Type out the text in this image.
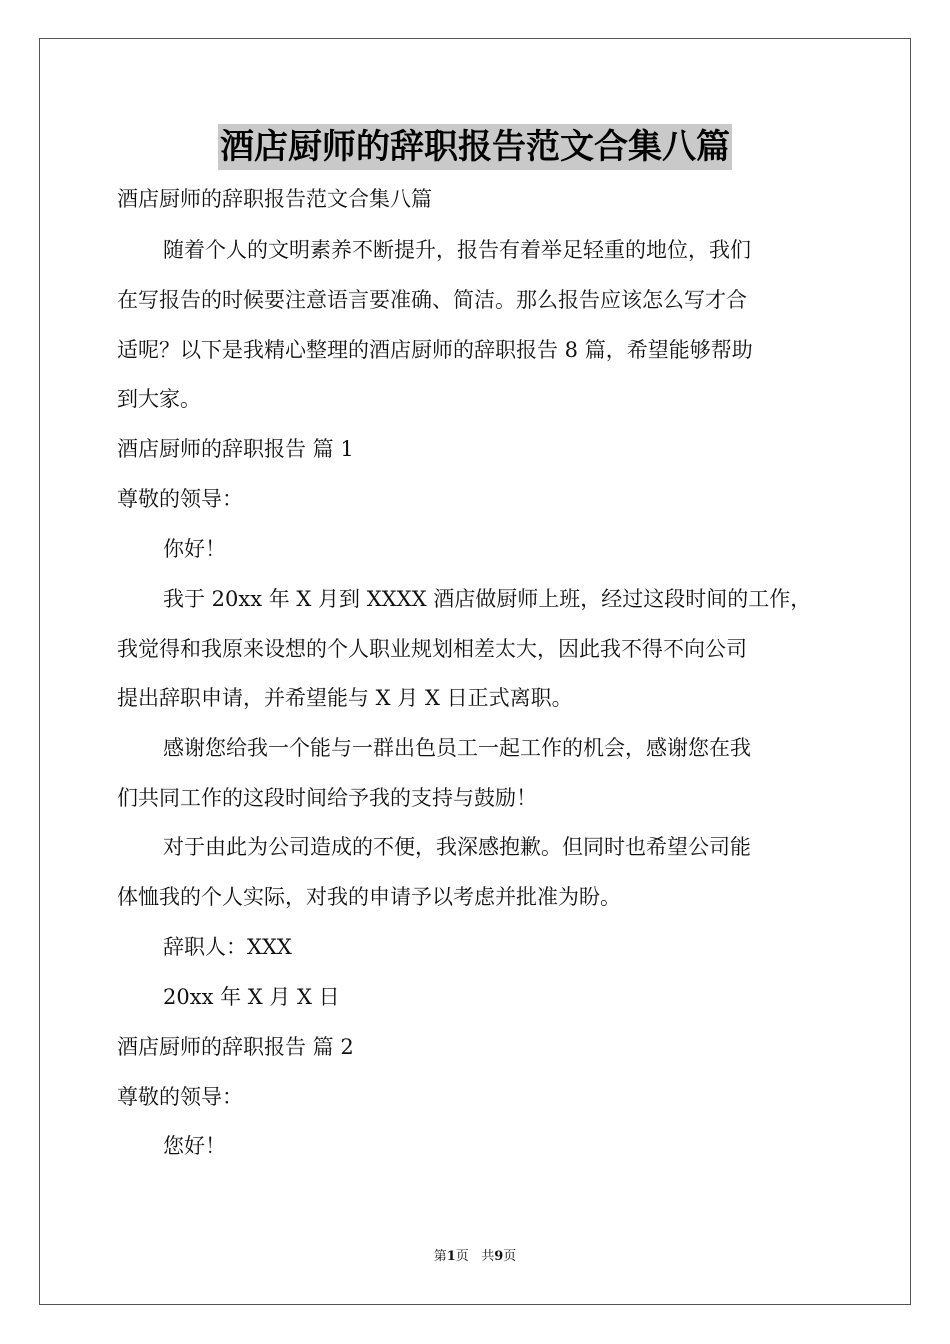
酒店厨师的辞职报告范文合集八篇
酒店厨师的辞职报告范文合集八篇
随着个人的文明素养不断提升，报告有着举足轻重的地位，我们
在写报告的时候要注意语言要准确、简洁。那么报告应该怎么写才合
适呢？以下是我精心整理的酒店厨师的辞职报告 8 篇，希望能够帮助
到大家。
酒店厨师的辞职报告 篇 1
尊敬的领导：
你好！
我于 20xx 年 X 月到 XXXX 酒店做厨师上班，经过这段时间的工作，
我觉得和我原来设想的个人职业规划相差太大，因此我不得不向公司
提出辞职申请，并希望能与 X 月 X 日正式离职。
感谢您给我一个能与一群出色员工一起工作的机会，感谢您在我
们共同工作的这段时间给予我的支持与鼓励！
对于由此为公司造成的不便，我深感抱歉。但同时也希望公司能
体恤我的个人实际，对我的申请予以考虑并批准为盼。
辞职人：XXX
20xx 年 X 月 X 日
酒店厨师的辞职报告 篇 2
尊敬的领导：
您好！
第1页 共9页
